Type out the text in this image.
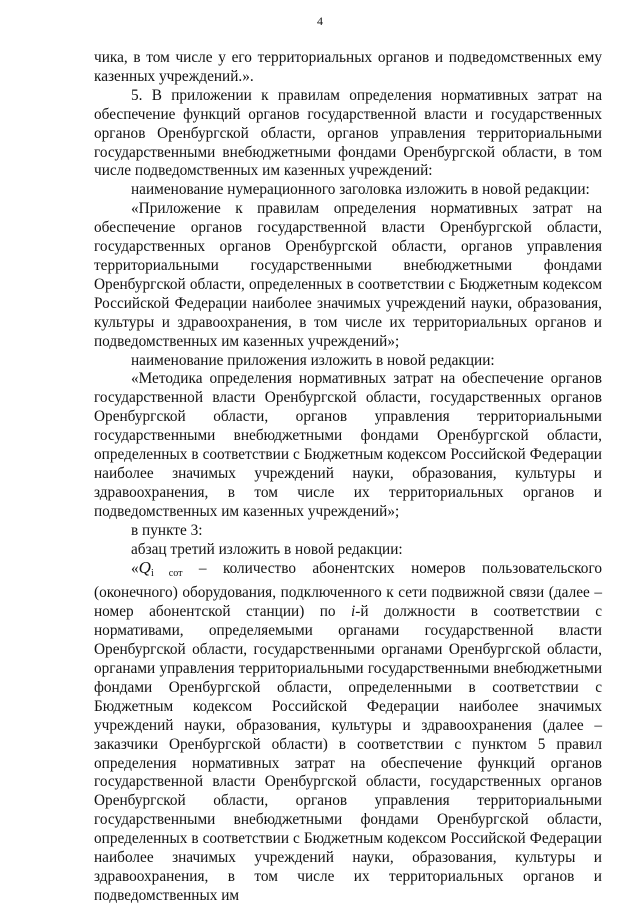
4

чика, в том числе у его территориальных органов и подведомственных ему казенных учреждений.».

5. В приложении к правилам определения нормативных затрат на обеспечение функций органов государственной власти и государственных органов Оренбургской области, органов управления территориальными государственными внебюджетными фондами Оренбургской области, в том числе подведомственных им казенных учреждений:

наименование нумерационного заголовка изложить в новой редакции:

«Приложение к правилам определения нормативных затрат на обеспечение органов государственной власти Оренбургской области, государственных органов Оренбургской области, органов управления территориальными государственными внебюджетными фондами Оренбургской области, определенных в соответствии с Бюджетным кодексом Российской Федерации наиболее значимых учреждений науки, образования, культуры и здравоохранения, в том числе их территориальных органов и подведомственных им казенных учреждений»;

наименование приложения изложить в новой редакции:

«Методика определения нормативных затрат на обеспечение органов государственной власти Оренбургской области, государственных органов Оренбургской области, органов управления территориальными государственными внебюджетными фондами Оренбургской области, определенных в соответствии с Бюджетным кодексом Российской Федерации наиболее значимых учреждений науки, образования, культуры и здравоохранения, в том числе их территориальных органов и подведомственных им казенных учреждений»;

в пункте 3:

абзац третий изложить в новой редакции:

«$Q_{i сот}$ – количество абонентских номеров пользовательского (оконечного) оборудования, подключенного к сети подвижной связи (далее – номер абонентской станции) по i-й должности в соответствии с нормативами, определяемыми органами государственной власти Оренбургской области, государственными органами Оренбургской области, органами управления территориальными государственными внебюджетными фондами Оренбургской области, определенными в соответствии с Бюджетным кодексом Российской Федерации наиболее значимых учреждений науки, образования, культуры и здравоохранения (далее – заказчики Оренбургской области) в соответствии с пунктом 5 правил определения нормативных затрат на обеспечение функций органов государственной власти Оренбургской области, государственных органов Оренбургской области, органов управления территориальными государственными внебюджетными фондами Оренбургской области, определенных в соответствии с Бюджетным кодексом Российской Федерации наиболее значимых учреждений науки, образования, культуры и здравоохранения, в том числе их территориальных органов и подведомственных им
